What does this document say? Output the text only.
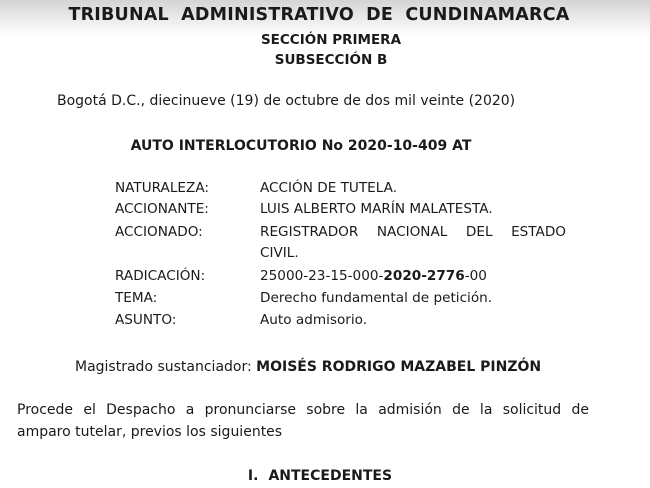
TRIBUNAL ADMINISTRATIVO DE CUNDINAMARCA
SECCIÓN PRIMERA
SUBSECCIÓN B
Bogotá D.C., diecinueve (19) de octubre de dos mil veinte (2020)
AUTO INTERLOCUTORIO No 2020-10-409 AT
NATURALEZA:	ACCIÓN DE TUTELA.
ACCIONANTE:	LUIS ALBERTO MARÍN MALATESTA.
ACCIONADO:	REGISTRADOR NACIONAL DEL ESTADO
CIVIL.
RADICACIÓN:	25000-23-15-000-2020-2776-00
TEMA:	Derecho fundamental de petición.
ASUNTO:	Auto admisorio.
Magistrado sustanciador: MOISÉS RODRIGO MAZABEL PINZÓN
Procede el Despacho a pronunciarse sobre la admisión de la solicitud de
amparo tutelar, previos los siguientes
I. ANTECEDENTES
